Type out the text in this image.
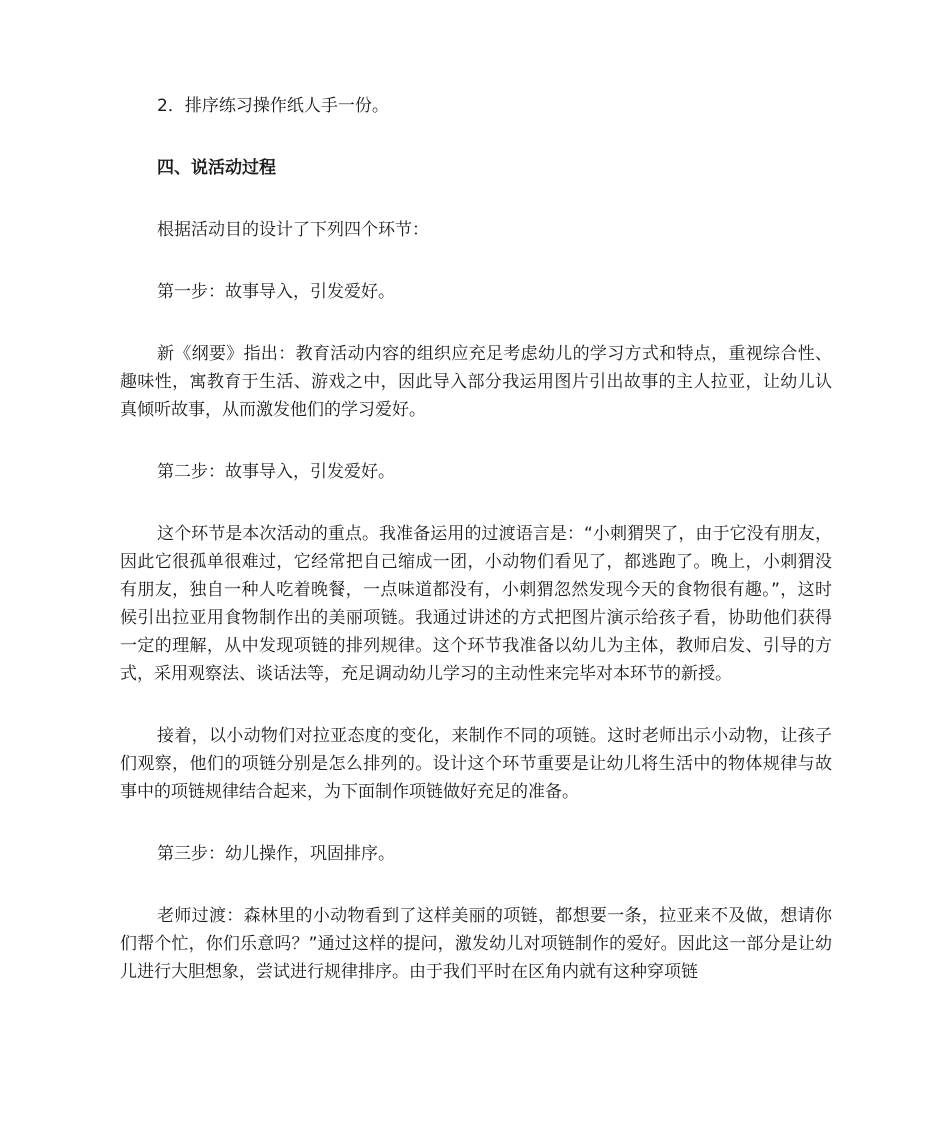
2．排序练习操作纸人手一份。

四、说活动过程

根据活动目的设计了下列四个环节：

第一步：故事导入，引发爱好。

新《纲要》指出：教育活动内容的组织应充足考虑幼儿的学习方式和特点，重视综合性、趣味性，寓教育于生活、游戏之中，因此导入部分我运用图片引出故事的主人拉亚，让幼儿认真倾听故事，从而激发他们的学习爱好。

第二步：故事导入，引发爱好。

这个环节是本次活动的重点。我准备运用的过渡语言是：“小刺猬哭了，由于它没有朋友，因此它很孤单很难过，它经常把自己缩成一团，小动物们看见了，都逃跑了。晚上，小刺猬没有朋友，独自一种人吃着晚餐，一点味道都没有，小刺猬忽然发现今天的食物很有趣。”，这时候引出拉亚用食物制作出的美丽项链。我通过讲述的方式把图片演示给孩子看，协助他们获得一定的理解，从中发现项链的排列规律。这个环节我准备以幼儿为主体，教师启发、引导的方式，采用观察法、谈话法等，充足调动幼儿学习的主动性来完毕对本环节的新授。

接着，以小动物们对拉亚态度的变化，来制作不同的项链。这时老师出示小动物，让孩子们观察，他们的项链分别是怎么排列的。设计这个环节重要是让幼儿将生活中的物体规律与故事中的项链规律结合起来，为下面制作项链做好充足的准备。

第三步：幼儿操作，巩固排序。

老师过渡：森林里的小动物看到了这样美丽的项链，都想要一条，拉亚来不及做，想请你们帮个忙，你们乐意吗？”通过这样的提问，激发幼儿对项链制作的爱好。因此这一部分是让幼儿进行大胆想象，尝试进行规律排序。由于我们平时在区角内就有这种穿项链
